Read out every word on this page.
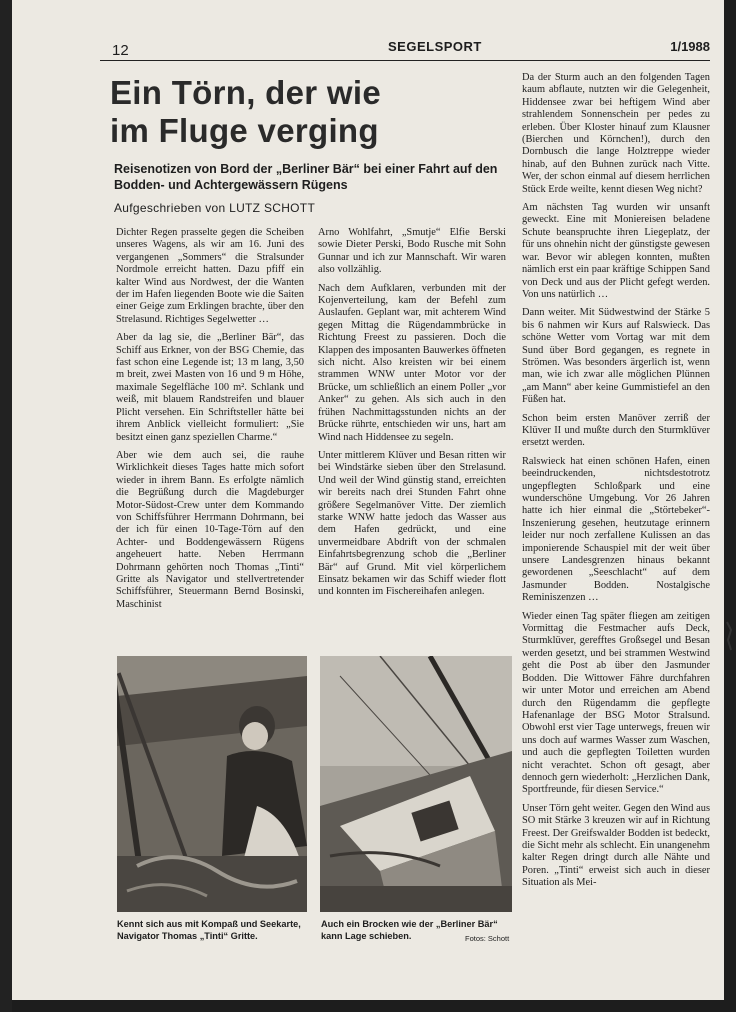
12	SEGELSPORT	1/1988
Ein Törn, der wie
im Fluge verging
Reisenotizen von Bord der „Berliner Bär“ bei einer Fahrt auf den Bodden- und Achtergewässern Rügens
Aufgeschrieben von LUTZ SCHOTT

Dichter Regen prasselte gegen die Scheiben unseres Wagens, als wir am 16. Juni des vergangenen „Sommers“ die Stralsunder Nordmole erreicht hatten. Dazu pfiff ein kalter Wind aus Nordwest, der die Wanten der im Hafen liegenden Boote wie die Saiten einer Geige zum Erklingen brachte, über den Strelasund. Richtiges Segelwetter …

Aber da lag sie, die „Berliner Bär“, das Schiff aus Erkner, von der BSG Chemie, das fast schon eine Legende ist; 13 m lang, 3,50 m breit, zwei Masten von 16 und 9 m Höhe, maximale Segelfläche 100 m². Schlank und weiß, mit blauem Randstreifen und blauer Plicht versehen. Ein Schriftsteller hätte bei ihrem Anblick vielleicht formuliert: „Sie besitzt einen ganz speziellen Charme.“

Aber wie dem auch sei, die rauhe Wirklichkeit dieses Tages hatte mich sofort wieder in ihrem Bann. Es erfolgte nämlich die Begrüßung durch die Magdeburger Motor-Südost-Crew unter dem Kommando von Schiffsführer Herrmann Dohrmann, bei der ich für einen 10-Tage-Törn auf den Achter- und Boddengewässern Rügens angeheuert hatte. Neben Herrmann Dohrmann gehörten noch Thomas „Tinti“ Gritte als Navigator und stellvertretender Schiffsführer, Steuermann Bernd Bosinski, Maschinist

Arno Wohlfahrt, „Smutje“ Elfie Berski sowie Dieter Perski, Bodo Rusche mit Sohn Gunnar und ich zur Mannschaft. Wir waren also vollzählig.

Nach dem Aufklaren, verbunden mit der Kojenverteilung, kam der Befehl zum Auslaufen. Geplant war, mit achterem Wind gegen Mittag die Rügendammbrücke in Richtung Freest zu passieren. Doch die Klappen des imposanten Bauwerkes öffneten sich nicht. Also kreisten wir bei einem strammen WNW unter Motor vor der Brücke, um schließlich an einem Poller „vor Anker“ zu gehen. Als sich auch in den frühen Nachmittagsstunden nichts an der Brücke rührte, entschieden wir uns, hart am Wind nach Hiddensee zu segeln.

Unter mittlerem Klüver und Besan ritten wir bei Windstärke sieben über den Strelasund. Und weil der Wind günstig stand, erreichten wir bereits nach drei Stunden Fahrt ohne größere Segelmanöver Vitte. Der ziemlich starke WNW hatte jedoch das Wasser aus dem Hafen gedrückt, und eine unvermeidbare Abdrift von der schmalen Einfahrtsbegrenzung schob die „Berliner Bär“ auf Grund. Mit viel körperlichem Einsatz bekamen wir das Schiff wieder flott und konnten im Fischereihafen anlegen.

Da der Sturm auch an den folgenden Tagen kaum abflaute, nutzten wir die Gelegenheit, Hiddensee zwar bei heftigem Wind aber strahlendem Sonnenschein per pedes zu erleben. Über Kloster hinauf zum Klausner (Bierchen und Körnchen!), durch den Dornbusch die lange Holztreppe wieder hinab, auf den Buhnen zurück nach Vitte. Wer, der schon einmal auf diesem herrlichen Stück Erde weilte, kennt diesen Weg nicht?

Am nächsten Tag wurden wir unsanft geweckt. Eine mit Moniereisen beladene Schute beanspruchte ihren Liegeplatz, der für uns ohnehin nicht der günstigste gewesen war. Bevor wir ablegen konnten, mußten nämlich erst ein paar kräftige Schippen Sand von Deck und aus der Plicht gefegt werden. Von uns natürlich …

Dann weiter. Mit Südwestwind der Stärke 5 bis 6 nahmen wir Kurs auf Ralswieck. Das schöne Wetter vom Vortag war mit dem Sund über Bord gegangen, es regnete in Strömen. Was besonders ärgerlich ist, wenn man, wie ich zwar alle möglichen Plünnen „am Mann“ aber keine Gummistiefel an den Füßen hat.

Schon beim ersten Manöver zerriß der Klüver II und mußte durch den Sturmklüver ersetzt werden.

Ralswieck hat einen schönen Hafen, einen beeindruckenden, nichtsdestotrotz ungepflegten Schloßpark und eine wunderschöne Umgebung. Vor 26 Jahren hatte ich hier einmal die „Störtebeker“-Inszenierung gesehen, heutzutage erinnern leider nur noch zerfallene Kulissen an das imponierende Schauspiel mit der weit über unsere Landesgrenzen hinaus bekannt gewordenen „Seeschlacht“ auf dem Jasmunder Bodden. Nostalgische Reminiszenzen …

Wieder einen Tag später fliegen am zeitigen Vormittag die Festmacher aufs Deck, Sturmklüver, gerefftes Großsegel und Besan werden gesetzt, und bei strammen Westwind geht die Post ab über den Jasmunder Bodden. Die Wittower Fähre durchfahren wir unter Motor und erreichen am Abend durch den Rügendamm die gepflegte Hafenanlage der BSG Motor Stralsund. Obwohl erst vier Tage unterwegs, freuen wir uns doch auf warmes Wasser zum Waschen, und auch die gepflegten Toiletten wurden nicht verachtet. Schon oft gesagt, aber dennoch gern wiederholt: „Herzlichen Dank, Sportfreunde, für diesen Service.“

Unser Törn geht weiter. Gegen den Wind aus SO mit Stärke 3 kreuzen wir auf in Richtung Freest. Der Greifswalder Bodden ist bedeckt, die Sicht mehr als schlecht. Ein unangenehm kalter Regen dringt durch alle Nähte und Poren. „Tinti“ erweist sich auch in dieser Situation als Mei-

Kennt sich aus mit Kompaß und Seekarte, Navigator Thomas „Tinti“ Gritte.
Auch ein Brocken wie der „Berliner Bär“ kann Lage schieben.	Fotos: Schott
